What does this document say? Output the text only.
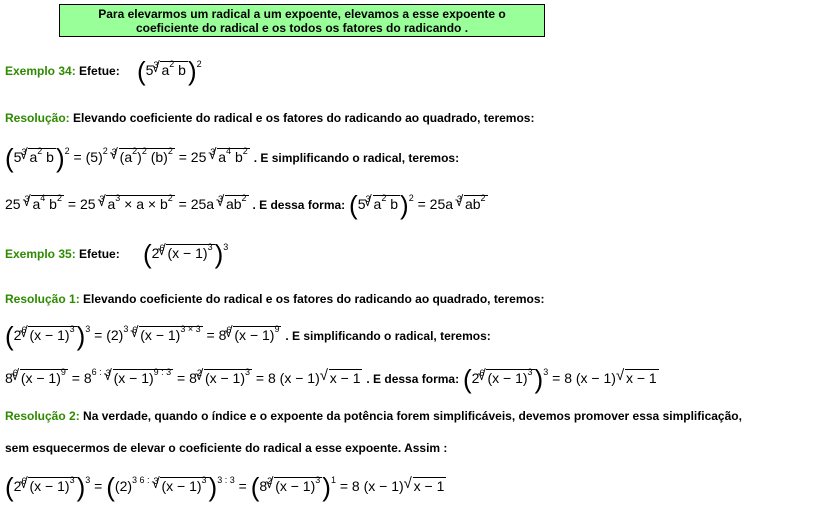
Para elevarmos um radical a um expoente, elevamos a esse expoente o
coeficiente do radical e os todos os fatores do radicando .
Exemplo 34: Efetue: ($5^3√$ $a^2$ b)$^2$
Resolução: Elevando coeficiente do radical e os fatores do radicando ao quadrado, teremos:
($5^3√$ $a^2$ $b)^2 = (5)^2$ $^3$√ $(a^2)^2$ $(b)^2 = 25$ $^3$√ $a^4$ $b^2$ . E simplificando o radical, teremos:
25 $^3$√ $a^4$ $b^2 = 25$ $^3$√ $a^3 \times a \times b^2 = 25a$ $^3$√ $ab^2$ . E dessa forma: ($5^3√$ $a^2$ b)$^2$ = 25a $^3$√ $ab^2$
Exemplo 35: Efetue: ($2^6√$ $(x - 1)^3)^3$
Resolução 1: Elevando coeficiente do radical e os fatores do radicando ao quadrado, teremos:
($2^6√$ $(x - 1)^3)^3 = (2)^3$ $^6$√ $(x - 1)^{3 \times 3} = 8^6√$ $(x - 1)^9$ . E simplificando o radical, teremos:
$8^6√$ $(x - 1)^9 = 8^{6 :}$ $^3$√ $(x - 1)^{9 : 3} = 8^2√$ $(x - 1)^3 = 8$ (x − 1)√ x − 1 . E dessa forma: ($2^6√$ $(x - 1)^3)^3 = 8$ (x − 1)√ x − 1
Resolução 2: Na verdade, quando o índice e o expoente da potência forem simplificáveis, devemos promover essa simplificação,
sem esquecermos de elevar o coeficiente do radical a esse expoente. Assim :
($2^6√$ $(x - 1)^3)^3 = ((2)^{3 6 :}$ $^3$√ $(x - 1)^3)^{3 : 3} = (8^2√$ $(x - 1)^3)^1 = 8$ (x − 1)√ x − 1
